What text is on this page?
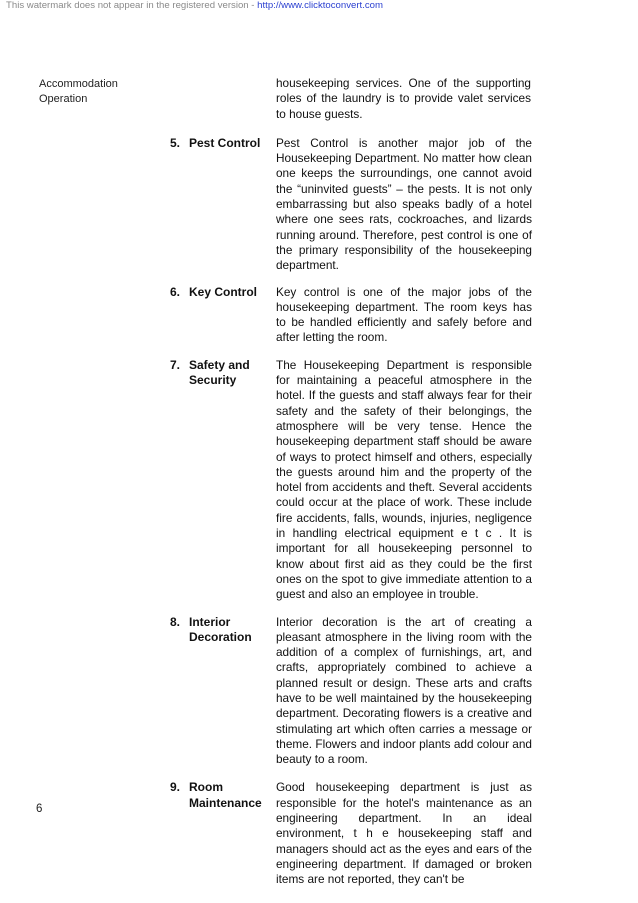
This watermark does not appear in the registered version - http://www.clicktoconvert.com
Accommodation
Operation

housekeeping services. One of the supporting roles of the laundry is to provide valet services to house guests.

5. Pest Control	Pest Control is another major job of the Housekeeping Department. No matter how clean one keeps the surroundings, one cannot avoid the “uninvited guests” – the pests. It is not only embarrassing but also speaks badly of a hotel where one sees rats, cockroaches, and lizards running around. Therefore, pest control is one of the primary responsibility of the housekeeping department.

6. Key Control	Key control is one of the major jobs of the housekeeping department. The room keys has to be handled efficiently and safely before and after letting the room.

7. Safety and
Security

The Housekeeping Department is responsible for maintaining a peaceful atmosphere in the hotel. If the guests and staff always fear for their safety and the safety of their belongings, the atmosphere will be very tense. Hence the housekeeping department staff should be aware of ways to protect himself and others, especially the guests around him and the property of the hotel from accidents and theft. Several accidents could occur at the place of work. These include fire accidents, falls, wounds, injuries, negligence in handling electrical equipment e t c . It is important for all housekeeping personnel to know about first aid as they could be the first ones on the spot to give immediate attention to a guest and also an employee in trouble.

8. Interior
Decoration

Interior decoration is the art of creating a pleasant atmosphere in the living room with the addition of a complex of furnishings, art, and crafts, appropriately combined to achieve a planned result or design. These arts and crafts have to be well maintained by the housekeeping department. Decorating flowers is a creative and stimulating art which often carries a message or theme. Flowers and indoor plants add colour and beauty to a room.

9. Room
Maintenance

Good housekeeping department is just as responsible for the hotel's maintenance as an engineering department. In an ideal environment, t h e housekeeping staff and managers should act as the eyes and ears of the engineering department. If damaged or broken items are not reported, they can't be

6
